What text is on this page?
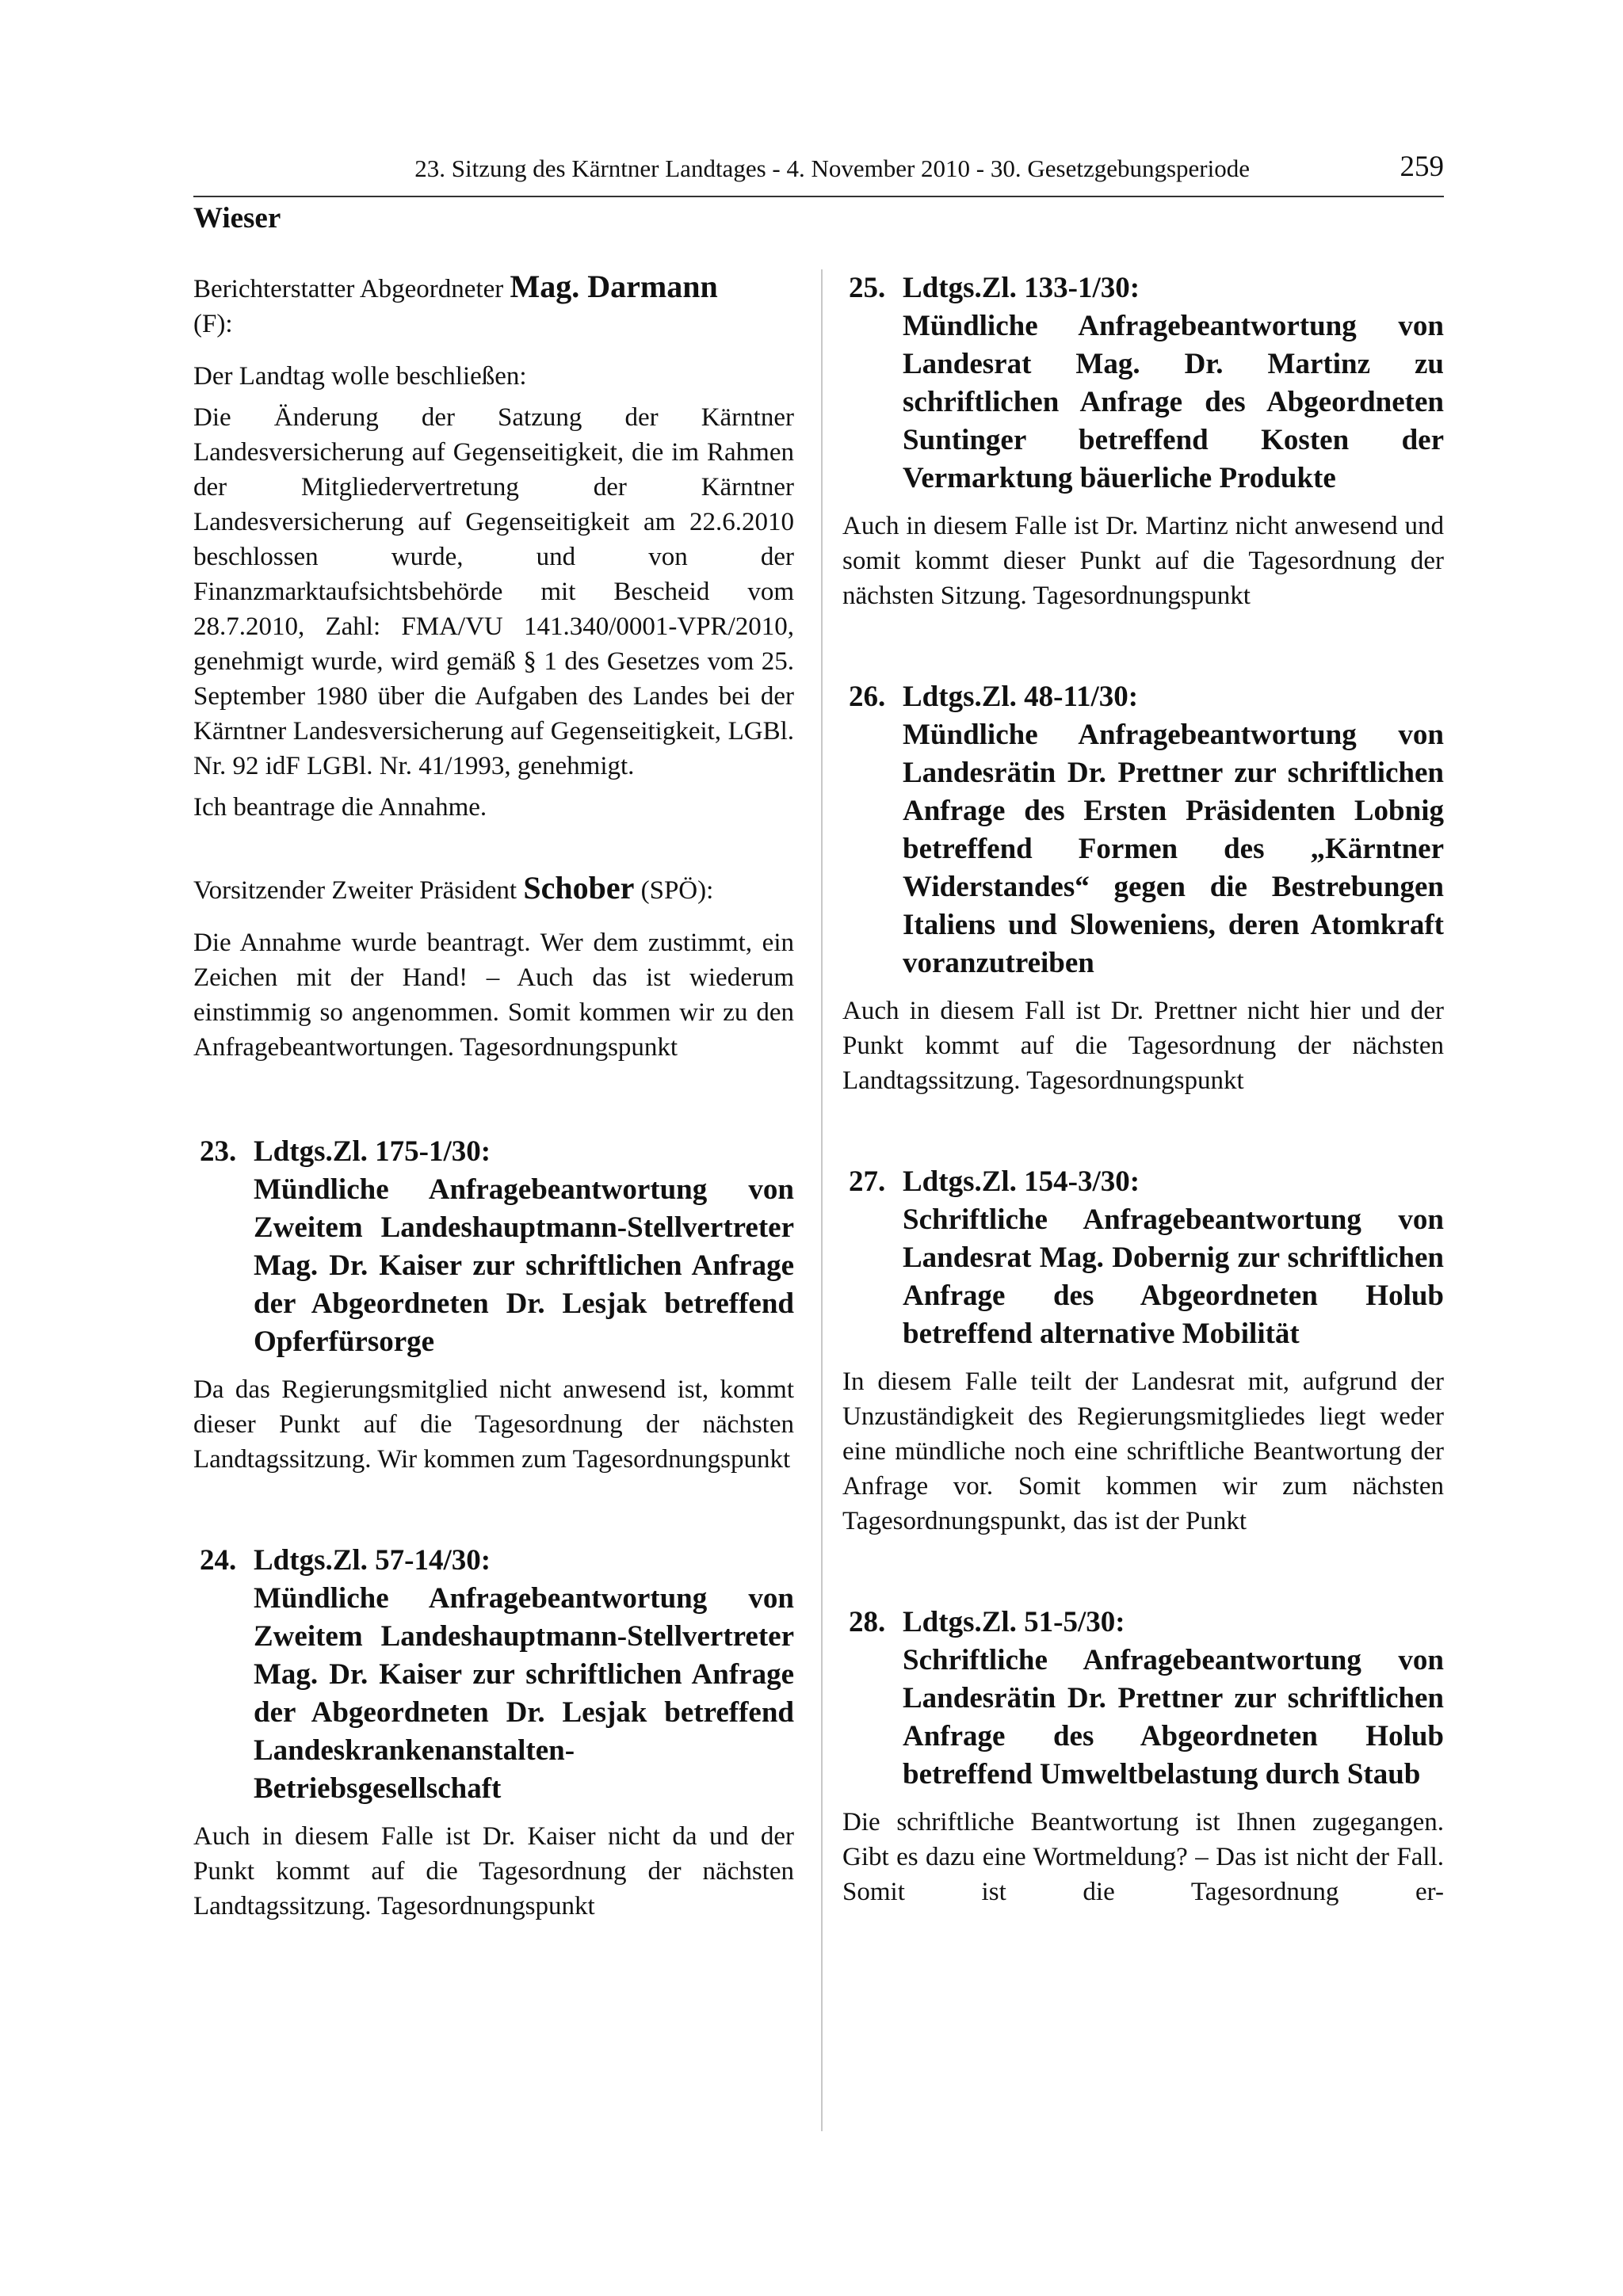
23. Sitzung des Kärntner Landtages - 4. November 2010 - 30. Gesetzgebungsperiode	259
Wieser

Berichterstatter Abgeordneter Mag. Darmann
(F):

Der Landtag wolle beschließen:

Die Änderung der Satzung der Kärntner Landesversicherung auf Gegenseitigkeit, die im Rahmen der Mitgliedervertretung der Kärntner Landesversicherung auf Gegenseitigkeit am 22.6.2010 beschlossen wurde, und von der Finanzmarktaufsichtsbehörde mit Bescheid vom 28.7.2010, Zahl: FMA/VU 141.340/0001-VPR/2010, genehmigt wurde, wird gemäß § 1 des Gesetzes vom 25. September 1980 über die Aufgaben des Landes bei der Kärntner Landesversicherung auf Gegenseitigkeit, LGBl. Nr. 92 idF LGBl. Nr. 41/1993, genehmigt.

Ich beantrage die Annahme.

Vorsitzender Zweiter Präsident Schober (SPÖ):

Die Annahme wurde beantragt. Wer dem zustimmt, ein Zeichen mit der Hand! – Auch das ist wiederum einstimmig so angenommen. Somit kommen wir zu den Anfragebeantwortungen. Tagesordnungspunkt

23. Ldtgs.Zl. 175-1/30:
Mündliche Anfragebeantwortung von Zweitem Landeshauptmann-Stellvertreter Mag. Dr. Kaiser zur schriftlichen Anfrage der Abgeordneten Dr. Lesjak betreffend Opferfürsorge

Da das Regierungsmitglied nicht anwesend ist, kommt dieser Punkt auf die Tagesordnung der nächsten Landtagssitzung. Wir kommen zum Tagesordnungspunkt

24. Ldtgs.Zl. 57-14/30:
Mündliche Anfragebeantwortung von Zweitem Landeshauptmann-Stellvertreter Mag. Dr. Kaiser zur schriftlichen Anfrage der Abgeordneten Dr. Lesjak betreffend Landeskrankenanstalten-Betriebsgesellschaft

Auch in diesem Falle ist Dr. Kaiser nicht da und der Punkt kommt auf die Tagesordnung der nächsten Landtagssitzung. Tagesordnungspunkt

25. Ldtgs.Zl. 133-1/30:
Mündliche Anfragebeantwortung von Landesrat Mag. Dr. Martinz zu schriftlichen Anfrage des Abgeordneten Suntinger betreffend Kosten der Vermarktung bäuerliche Produkte

Auch in diesem Falle ist Dr. Martinz nicht anwesend und somit kommt dieser Punkt auf die Tagesordnung der nächsten Sitzung. Tagesordnungspunkt

26. Ldtgs.Zl. 48-11/30:
Mündliche Anfragebeantwortung von Landesrätin Dr. Prettner zur schriftlichen Anfrage des Ersten Präsidenten Lobnig betreffend Formen des „Kärntner Widerstandes“ gegen die Bestrebungen Italiens und Sloweniens, deren Atomkraft voranzutreiben

Auch in diesem Fall ist Dr. Prettner nicht hier und der Punkt kommt auf die Tagesordnung der nächsten Landtagssitzung. Tagesordnungspunkt

27. Ldtgs.Zl. 154-3/30:
Schriftliche Anfragebeantwortung von Landesrat Mag. Dobernig zur schriftlichen Anfrage des Abgeordneten Holub betreffend alternative Mobilität

In diesem Falle teilt der Landesrat mit, aufgrund der Unzuständigkeit des Regierungsmitgliedes liegt weder eine mündliche noch eine schriftliche Beantwortung der Anfrage vor. Somit kommen wir zum nächsten Tagesordnungspunkt, das ist der Punkt

28. Ldtgs.Zl. 51-5/30:
Schriftliche Anfragebeantwortung von Landesrätin Dr. Prettner zur schriftlichen Anfrage des Abgeordneten Holub betreffend Umweltbelastung durch Staub

Die schriftliche Beantwortung ist Ihnen zugegangen. Gibt es dazu eine Wortmeldung? – Das ist nicht der Fall. Somit ist die Tagesordnung er-
